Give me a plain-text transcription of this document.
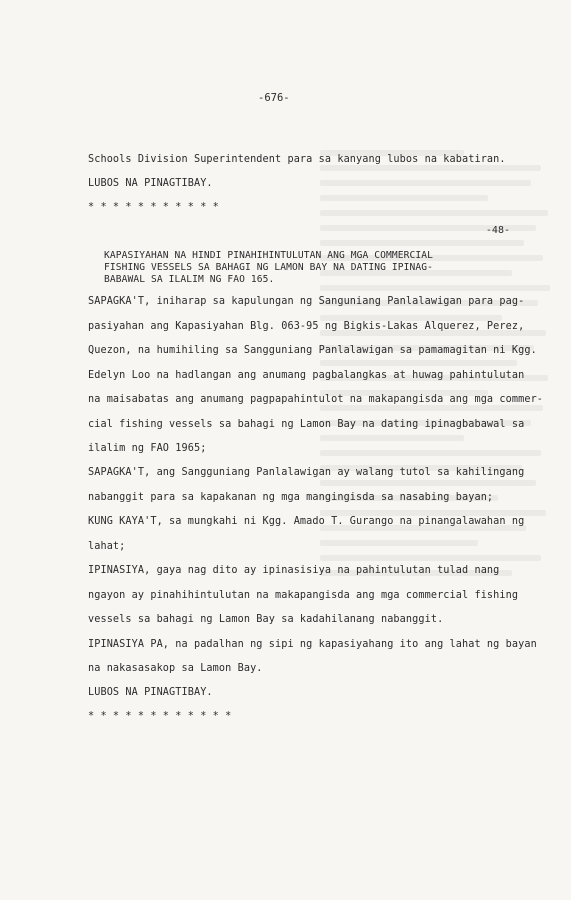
-676-
Schools Division Superintendent para sa kanyang lubos na kabatiran.
LUBOS NA PINAGTIBAY.
* * * * * * * * * * *
-48-
KAPASIYAHAN NA HINDI PINAHIHINTULUTAN ANG MGA COMMERCIAL
FISHING VESSELS SA BAHAGI NG LAMON BAY NA DATING IPINAG-
BABAWAL SA ILALIM NG FAO 165.
SAPAGKA'T, iniharap sa kapulungan ng Sanguniang Panlalawigan para pag-
pasiyahan ang Kapasiyahan Blg. 063-95 ng Bigkis-Lakas Alquerez, Perez,
Quezon, na humihiling sa Sangguniang Panlalawigan sa pamamagitan ni Kgg.
Edelyn Loo na hadlangan ang anumang pagbalangkas at huwag pahintulutan
na maisabatas ang anumang pagpapahintulot na makapangisda ang mga commer-
cial fishing vessels sa bahagi ng Lamon Bay na dating ipinagbabawal sa
ilalim ng FAO 1965;
SAPAGKA'T, ang Sangguniang Panlalawigan ay walang tutol sa kahilingang
nabanggit para sa kapakanan ng mga mangingisda sa nasabing bayan;
KUNG KAYA'T, sa mungkahi ni Kgg. Amado T. Gurango na pinangalawahan ng
lahat;
IPINASIYA, gaya nag dito ay ipinasisiya na pahintulutan tulad nang
ngayon ay pinahihintulutan na makapangisda ang mga commercial fishing
vessels sa bahagi ng Lamon Bay sa kadahilanang nabanggit.
IPINASIYA PA, na padalhan ng sipi ng kapasiyahang ito ang lahat ng bayan
na nakasasakop sa Lamon Bay.
LUBOS NA PINAGTIBAY.
* * * * * * * * * * * *
